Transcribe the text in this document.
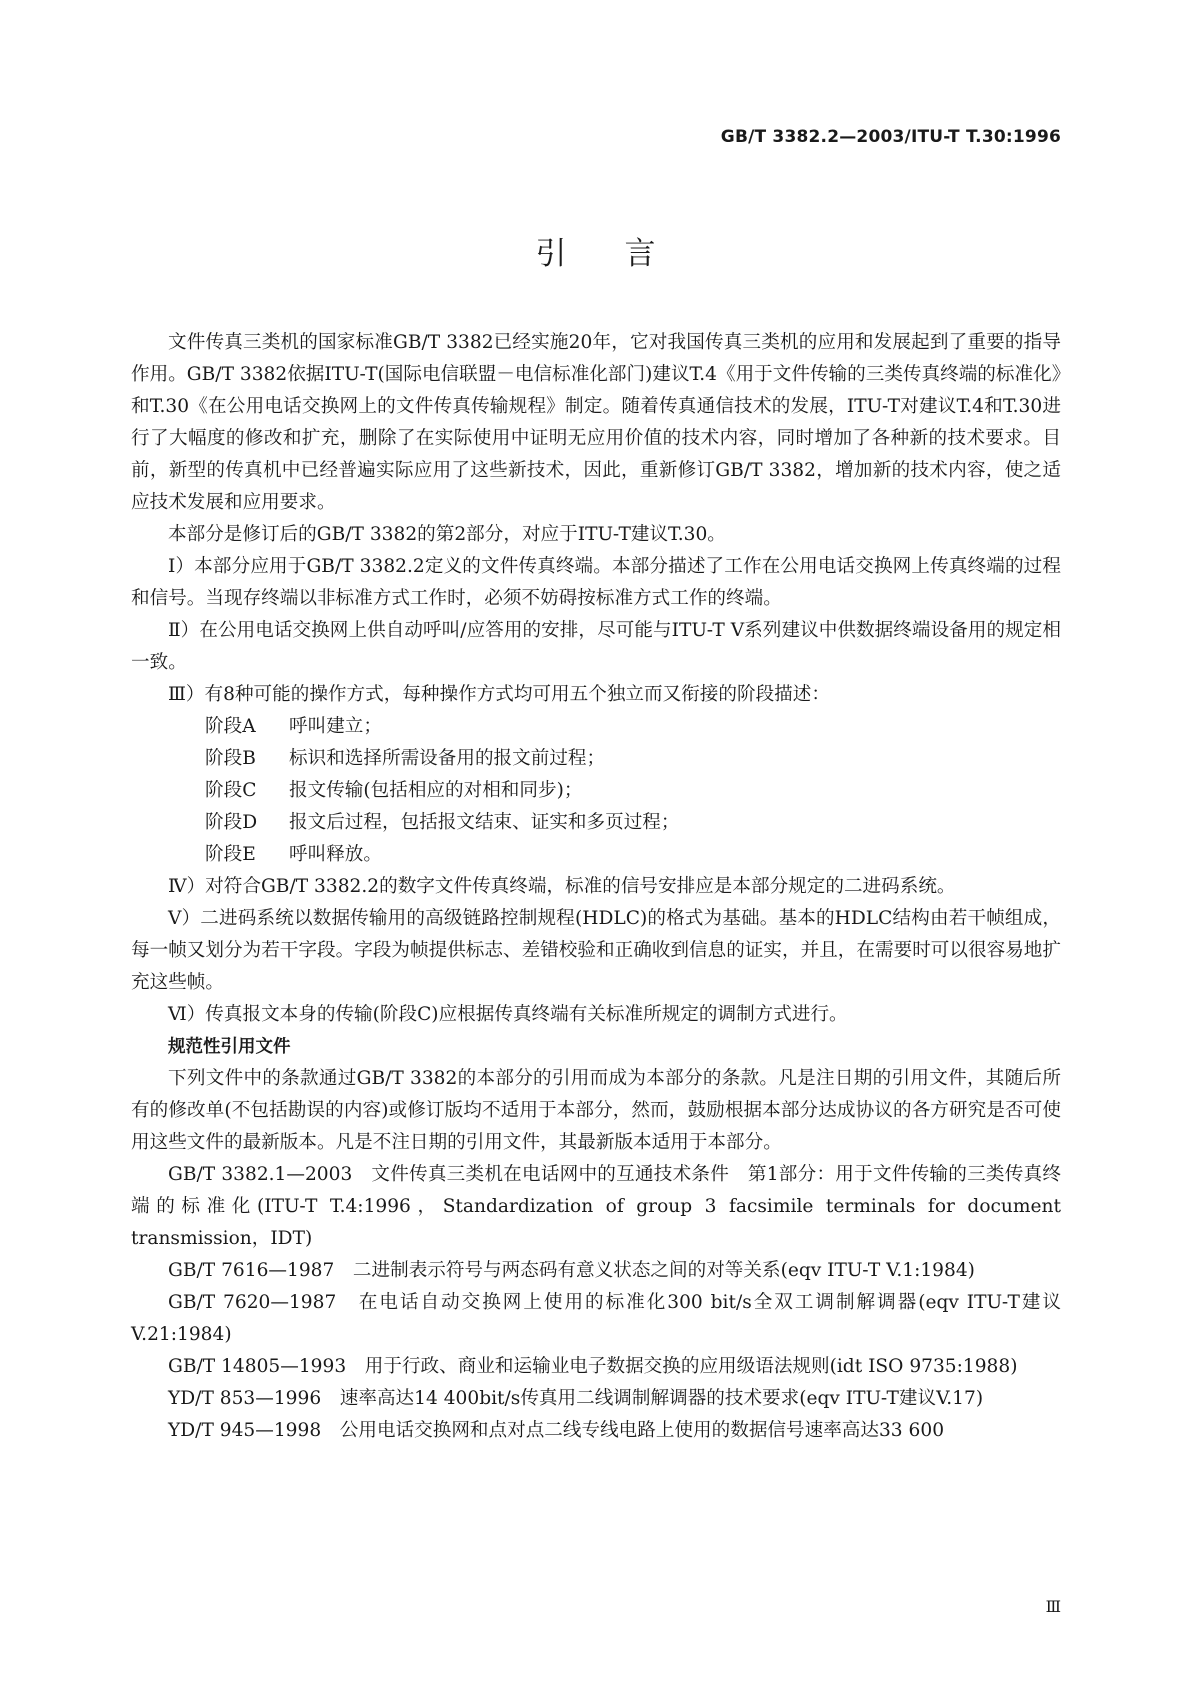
GB/T 3382.2—2003/ITU-T T.30:1996
引言

文件传真三类机的国家标准GB/T 3382已经实施20年，它对我国传真三类机的应用和发展起到了重要的指导作用。GB/T 3382依据ITU-T(国际电信联盟－电信标准化部门)建议T.4《用于文件传输的三类传真终端的标准化》和T.30《在公用电话交换网上的文件传真传输规程》制定。随着传真通信技术的发展，ITU-T对建议T.4和T.30进行了大幅度的修改和扩充，删除了在实际使用中证明无应用价值的技术内容，同时增加了各种新的技术要求。目前，新型的传真机中已经普遍实际应用了这些新技术，因此，重新修订GB/T 3382，增加新的技术内容，使之适应技术发展和应用要求。

本部分是修订后的GB/T 3382的第2部分，对应于ITU-T建议T.30。

Ⅰ）本部分应用于GB/T 3382.2定义的文件传真终端。本部分描述了工作在公用电话交换网上传真终端的过程和信号。当现存终端以非标准方式工作时，必须不妨碍按标准方式工作的终端。

Ⅱ）在公用电话交换网上供自动呼叫/应答用的安排，尽可能与ITU-T V系列建议中供数据终端设备用的规定相一致。

Ⅲ）有8种可能的操作方式，每种操作方式均可用五个独立而又衔接的阶段描述：

阶段A 呼叫建立；

阶段B 标识和选择所需设备用的报文前过程；

阶段C 报文传输(包括相应的对相和同步)；

阶段D 报文后过程，包括报文结束、证实和多页过程；

阶段E 呼叫释放。

Ⅳ）对符合GB/T 3382.2的数字文件传真终端，标准的信号安排应是本部分规定的二进码系统。

Ⅴ）二进码系统以数据传输用的高级链路控制规程(HDLC)的格式为基础。基本的HDLC结构由若干帧组成，每一帧又划分为若干字段。字段为帧提供标志、差错校验和正确收到信息的证实，并且，在需要时可以很容易地扩充这些帧。

Ⅵ）传真报文本身的传输(阶段C)应根据传真终端有关标准所规定的调制方式进行。

规范性引用文件

下列文件中的条款通过GB/T 3382的本部分的引用而成为本部分的条款。凡是注日期的引用文件，其随后所有的修改单(不包括勘误的内容)或修订版均不适用于本部分，然而，鼓励根据本部分达成协议的各方研究是否可使用这些文件的最新版本。凡是不注日期的引用文件，其最新版本适用于本部分。

GB/T 3382.1—2003　文件传真三类机在电话网中的互通技术条件　第1部分：用于文件传输的三类传真终端的标准化(ITU-T T.4:1996，Standardization of group 3 facsimile terminals for document transmission，IDT)

GB/T 7616—1987　二进制表示符号与两态码有意义状态之间的对等关系(eqv ITU-T V.1:1984)

GB/T 7620—1987　在电话自动交换网上使用的标准化300 bit/s全双工调制解调器(eqv ITU-T建议V.21:1984)

GB/T 14805—1993　用于行政、商业和运输业电子数据交换的应用级语法规则(idt ISO 9735:1988)

YD/T 853—1996　速率高达14 400bit/s传真用二线调制解调器的技术要求(eqv ITU-T建议V.17)

YD/T 945—1998　公用电话交换网和点对点二线专线电路上使用的数据信号速率高达33 600

Ⅲ
